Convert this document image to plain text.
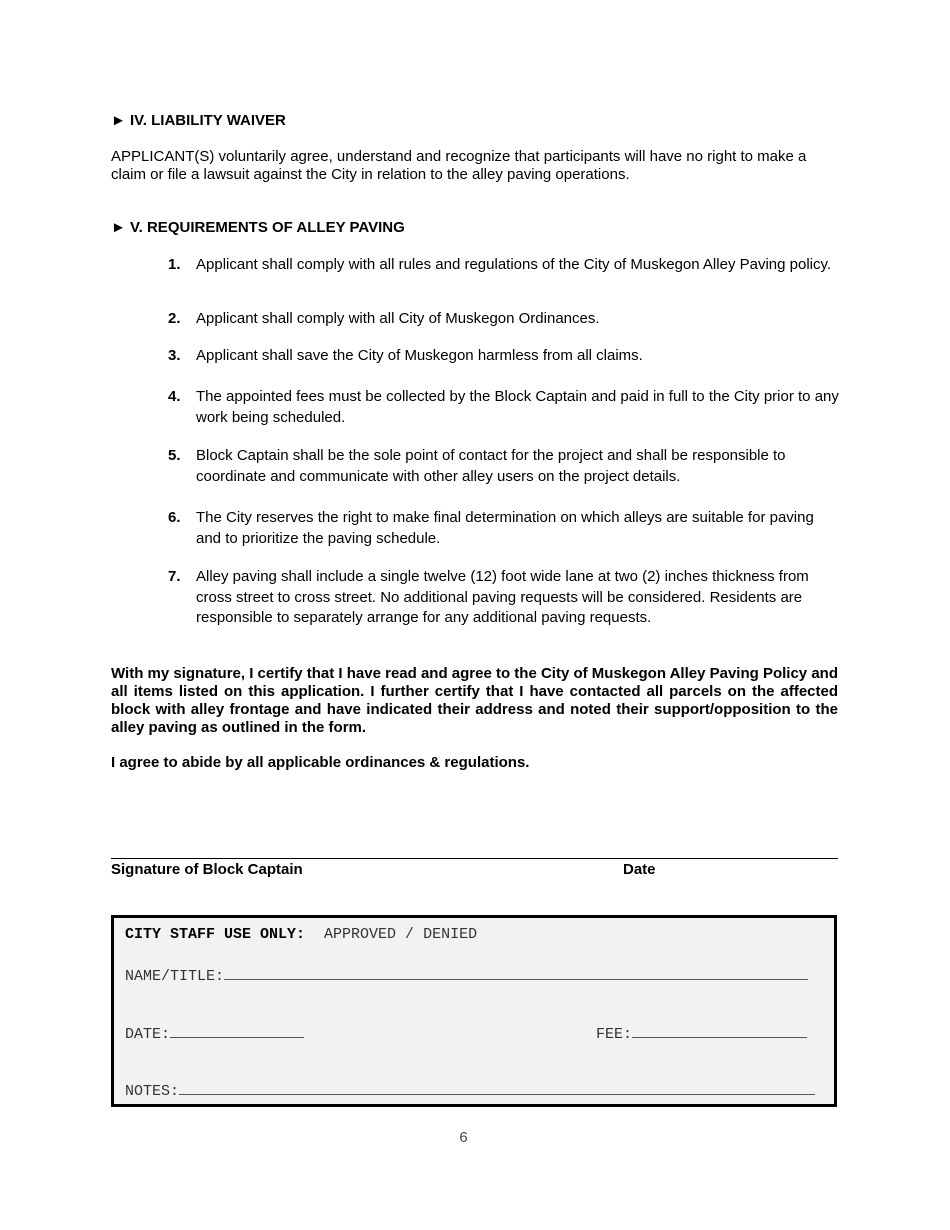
► IV. LIABILITY WAIVER
APPLICANT(S) voluntarily agree, understand and recognize that participants will have no right to make a claim or file a lawsuit against the City in relation to the alley paving operations.
► V. REQUIREMENTS OF ALLEY PAVING
1. Applicant shall comply with all rules and regulations of the City of Muskegon Alley Paving policy.
2. Applicant shall comply with all City of Muskegon Ordinances.
3. Applicant shall save the City of Muskegon harmless from all claims.
4. The appointed fees must be collected by the Block Captain and paid in full to the City prior to any work being scheduled.
5. Block Captain shall be the sole point of contact for the project and shall be responsible to coordinate and communicate with other alley users on the project details.
6. The City reserves the right to make final determination on which alleys are suitable for paving and to prioritize the paving schedule.
7. Alley paving shall include a single twelve (12) foot wide lane at two (2) inches thickness from cross street to cross street. No additional paving requests will be considered. Residents are responsible to separately arrange for any additional paving requests.
With my signature, I certify that I have read and agree to the City of Muskegon Alley Paving Policy and all items listed on this application. I further certify that I have contacted all parcels on the affected block with alley frontage and have indicated their address and noted their support/opposition to the alley paving as outlined in the form.
I agree to abide by all applicable ordinances & regulations.
Signature of Block Captain	Date
CITY STAFF USE ONLY: APPROVED / DENIED
NAME/TITLE:
DATE:	FEE:
NOTES:
6
